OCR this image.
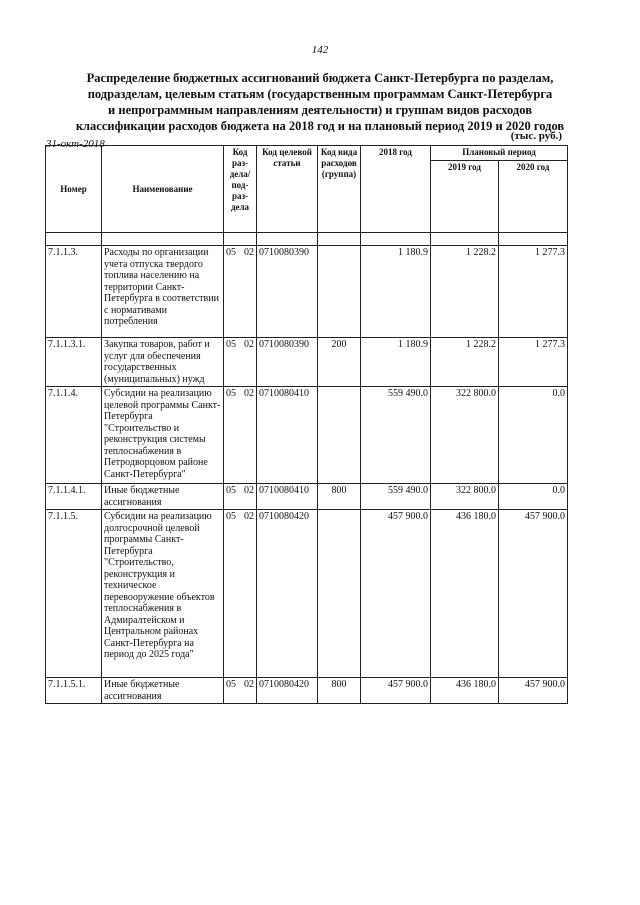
142
Распределение бюджетных ассигнований бюджета Санкт-Петербурга по разделам,
подразделам, целевым статьям (государственным программам Санкт-Петербурга
и непрограммным направлениям деятельности) и группам видов расходов
классификации расходов бюджета на 2018 год и на плановый период 2019 и 2020 годов
31-окт-2018
(тыс. руб.)
Номер	Наименование	Код раз- дела/ под- раз- дела	Код целевой статьи	Код вида расходов (группа)	2018 год	Плановый период	
						2019 год	2020 год

7.1.1.3.	Расходы по организации учета отпуска твердого топлива населению на территории Санкт-Петербурга в соответствии с нормативами потребления	05 02	0710080390		1 180.9	1 228.2	1 277.3
7.1.1.3.1.	Закупка товаров, работ и услуг для обеспечения государственных (муниципальных) нужд	05 02	0710080390	200	1 180.9	1 228.2	1 277.3
7.1.1.4.	Субсидии на реализацию целевой программы Санкт-Петербурга "Строительство и реконструкция системы теплоснабжения в Петродворцовом районе Санкт-Петербурга"	05 02	0710080410		559 490.0	322 800.0	0.0
7.1.1.4.1.	Иные бюджетные ассигнования	05 02	0710080410	800	559 490.0	322 800.0	0.0
7.1.1.5.	Субсидии на реализацию долгосрочной целевой программы Санкт-Петербурга "Строительство, реконструкция и техническое перевооружение объектов теплоснабжения в Адмиралтейском и Центральном районах Санкт-Петербурга на период до 2025 года"	05 02	0710080420		457 900.0	436 180.0	457 900.0
7.1.1.5.1.	Иные бюджетные ассигнования	05 02	0710080420	800	457 900.0	436 180.0	457 900.0
